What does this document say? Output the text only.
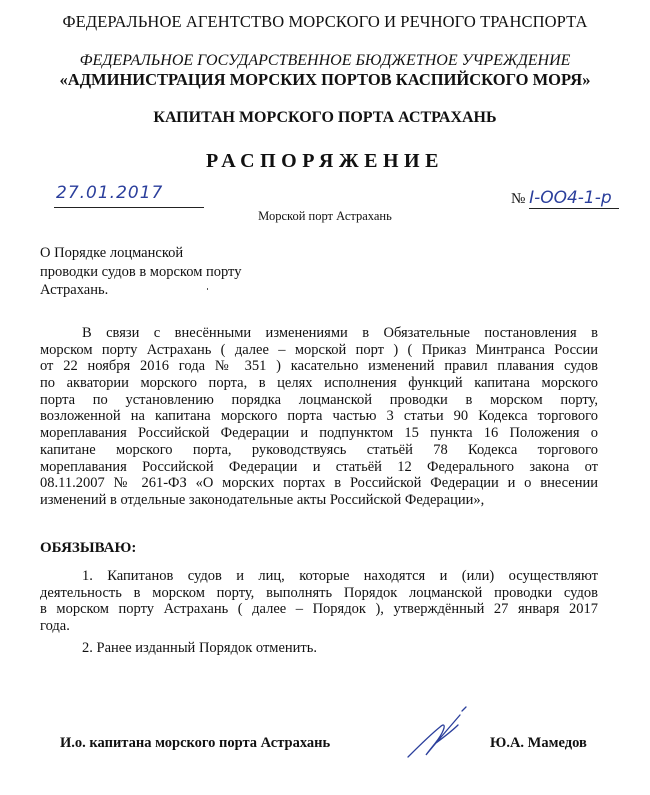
ФЕДЕРАЛЬНОЕ АГЕНТСТВО МОРСКОГО И РЕЧНОГО ТРАНСПОРТА
ФЕДЕРАЛЬНОЕ ГОСУДАРСТВЕННОЕ БЮДЖЕТНОЕ УЧРЕЖДЕНИЕ
«АДМИНИСТРАЦИЯ МОРСКИХ ПОРТОВ КАСПИЙСКОГО МОРЯ»
КАПИТАН МОРСКОГО ПОРТА АСТРАХАНЬ
РАСПОРЯЖЕНИЕ
27.01.2017
Морской порт Астрахань
№ I-OO4-1-р
О Порядке лоцманской
проводки судов в морском порту
Астрахань.
В связи с внесёнными изменениями в Обязательные постановления в
морском порту Астрахань ( далее – морской порт ) ( Приказ Минтранса России
от 22 ноября 2016 года № 351 ) касательно изменений правил плавания судов
по акватории морского порта, в целях исполнения функций капитана морского
порта по установлению порядка лоцманской проводки в морском порту,
возложенной на капитана морского порта частью 3 статьи 90 Кодекса торгового
мореплавания Российской Федерации и подпунктом 15 пункта 16 Положения о
капитане морского порта, руководствуясь статьёй 78 Кодекса торгового
мореплавания Российской Федерации и статьёй 12 Федерального закона от
08.11.2007 № 261-ФЗ «О морских портах в Российской Федерации и о внесении
изменений в отдельные законодательные акты Российской Федерации»,
ОБЯЗЫВАЮ:
1. Капитанов судов и лиц, которые находятся и (или) осуществляют
деятельность в морском порту, выполнять Порядок лоцманской проводки судов
в морском порту Астрахань ( далее – Порядок ), утверждённый 27 января 2017
года.
2. Ранее изданный Порядок отменить.
И.о. капитана морского порта Астрахань	Ю.А. Мамедов
